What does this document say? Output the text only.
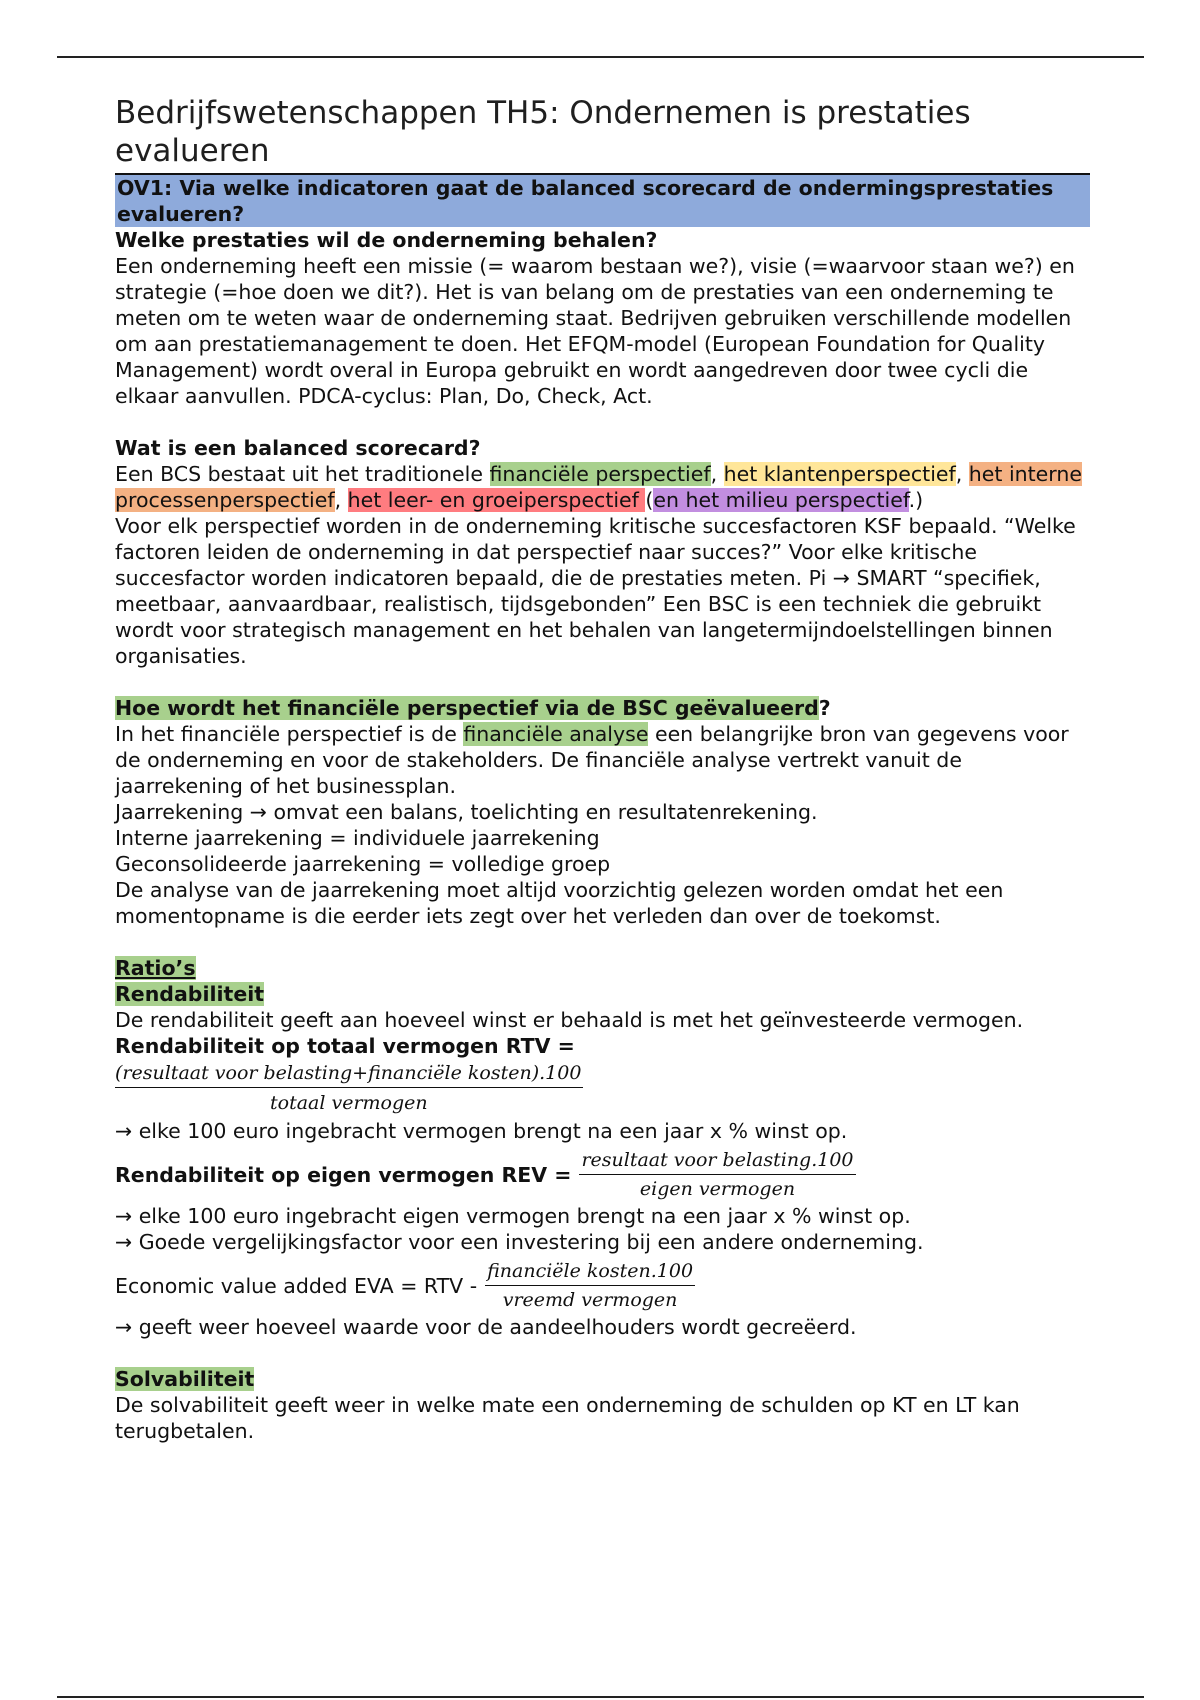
Bedrijfswetenschappen TH5: Ondernemen is prestaties evalueren

OV1: Via welke indicatoren gaat de balanced scorecard de ondermingsprestaties evalueren?

Welke prestaties wil de onderneming behalen?

Een onderneming heeft een missie (= waarom bestaan we?), visie (=waarvoor staan we?) en strategie (=hoe doen we dit?). Het is van belang om de prestaties van een onderneming te meten om te weten waar de onderneming staat. Bedrijven gebruiken verschillende modellen om aan prestatiemanagement te doen. Het EFQM-model (European Foundation for Quality Management) wordt overal in Europa gebruikt en wordt aangedreven door twee cycli die elkaar aanvullen. PDCA-cyclus: Plan, Do, Check, Act.

Wat is een balanced scorecard?

Een BCS bestaat uit het traditionele financiële perspectief, het klantenperspectief, het interne processenperspectief, het leer- en groeiperspectief (en het milieu perspectief.)

Voor elk perspectief worden in de onderneming kritische succesfactoren KSF bepaald. “Welke factoren leiden de onderneming in dat perspectief naar succes?” Voor elke kritische succesfactor worden indicatoren bepaald, die de prestaties meten. Pi → SMART “specifiek, meetbaar, aanvaardbaar, realistisch, tijdsgebonden” Een BSC is een techniek die gebruikt wordt voor strategisch management en het behalen van langetermijndoelstellingen binnen organisaties.

Hoe wordt het financiële perspectief via de BSC geëvalueerd?

In het financiële perspectief is de financiële analyse een belangrijke bron van gegevens voor de onderneming en voor de stakeholders. De financiële analyse vertrekt vanuit de jaarrekening of het businessplan.

Jaarrekening → omvat een balans, toelichting en resultatenrekening.

Interne jaarrekening = individuele jaarrekening

Geconsolideerde jaarrekening = volledige groep

De analyse van de jaarrekening moet altijd voorzichtig gelezen worden omdat het een momentopname is die eerder iets zegt over het verleden dan over de toekomst.

Ratio’s

Rendabiliteit

De rendabiliteit geeft aan hoeveel winst er behaald is met het geïnvesteerde vermogen.

Rendabiliteit op totaal vermogen RTV =

(resultaat voor belasting+financiële kosten).100
totaal vermogen

→ elke 100 euro ingebracht vermogen brengt na een jaar x % winst op.

Rendabiliteit op eigen vermogen REV = $\frac{\text{resultaat voor belasting.100}}{\text{eigen vermogen}}$

→ elke 100 euro ingebracht eigen vermogen brengt na een jaar x % winst op.

→ Goede vergelijkingsfactor voor een investering bij een andere onderneming.

Economic value added EVA = RTV - $\frac{\text{financiële kosten.100}}{\text{vreemd vermogen}}$

→ geeft weer hoeveel waarde voor de aandeelhouders wordt gecreëerd.

Solvabiliteit

De solvabiliteit geeft weer in welke mate een onderneming de schulden op KT en LT kan terugbetalen.
